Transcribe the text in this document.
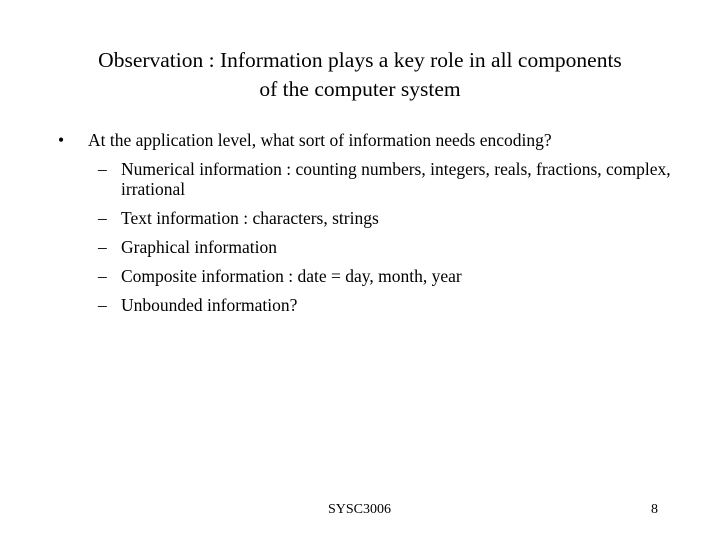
Observation : Information plays a key role in all components
of the computer system
•	At the application level, what sort of information needs encoding?
– Numerical information : counting numbers, integers, reals, fractions, complex, irrational
– Text information : characters, strings
– Graphical information
– Composite information : date = day, month, year
– Unbounded information?
SYSC3006	8
